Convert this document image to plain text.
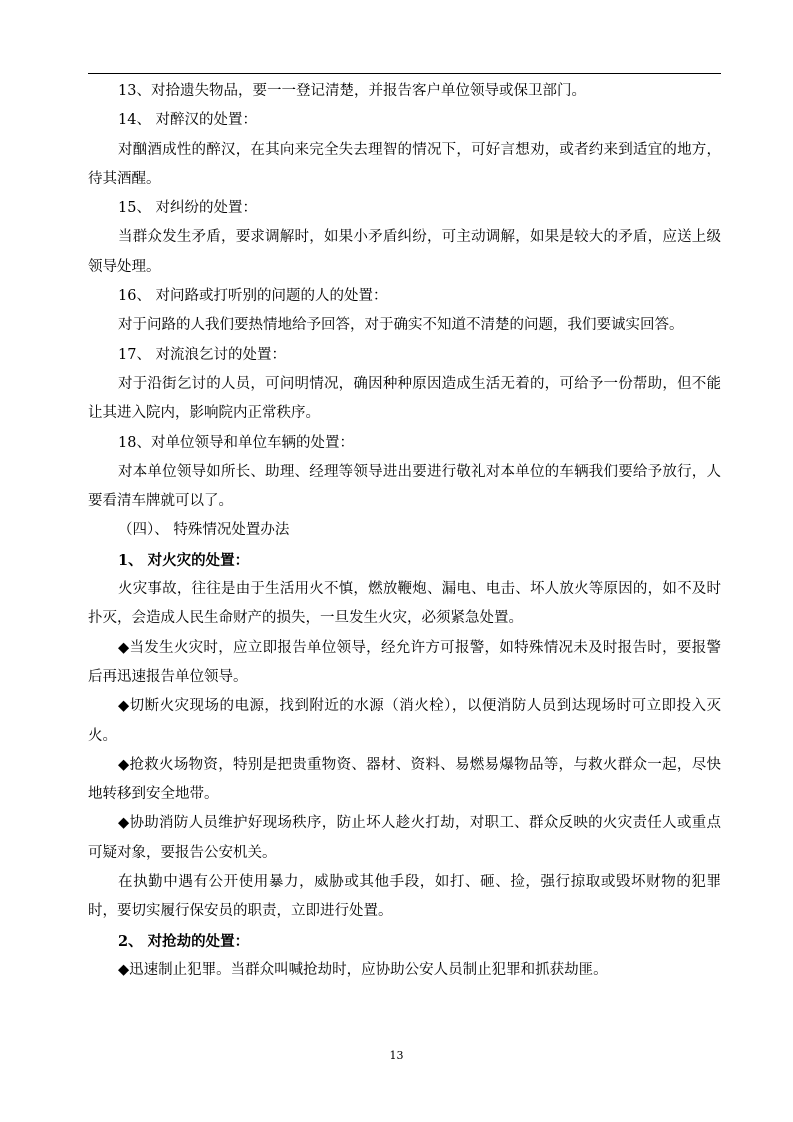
13、对拾遗失物品，要一一登记清楚，并报告客户单位领导或保卫部门。

14、 对醉汉的处置：

对酗酒成性的醉汉，在其向来完全失去理智的情况下，可好言想劝，或者约来到适宜的地方，待其酒醒。

15、 对纠纷的处置：

当群众发生矛盾，要求调解时，如果小矛盾纠纷，可主动调解，如果是较大的矛盾，应送上级领导处理。

16、 对问路或打听别的问题的人的处置：

对于问路的人我们要热情地给予回答，对于确实不知道不清楚的问题，我们要诚实回答。

17、 对流浪乞讨的处置：

对于沿街乞讨的人员，可问明情况，确因种种原因造成生活无着的，可给予一份帮助，但不能让其进入院内，影响院内正常秩序。

18、对单位领导和单位车辆的处置：

对本单位领导如所长、助理、经理等领导进出要进行敬礼对本单位的车辆我们要给予放行，人要看清车牌就可以了。

（四）、 特殊情况处置办法

1、 对火灾的处置：

火灾事故，往往是由于生活用火不慎，燃放鞭炮、漏电、电击、坏人放火等原因的，如不及时扑灭，会造成人民生命财产的损失，一旦发生火灾，必须紧急处置。

◆当发生火灾时，应立即报告单位领导，经允许方可报警，如特殊情况未及时报告时，要报警后再迅速报告单位领导。

◆切断火灾现场的电源，找到附近的水源（消火栓），以便消防人员到达现场时可立即投入灭火。

◆抢救火场物资，特别是把贵重物资、器材、资料、易燃易爆物品等，与救火群众一起，尽快地转移到安全地带。

◆协助消防人员维护好现场秩序，防止坏人趁火打劫，对职工、群众反映的火灾责任人或重点可疑对象，要报告公安机关。

在执勤中遇有公开使用暴力，威胁或其他手段，如打、砸、捡，强行掠取或毁坏财物的犯罪时，要切实履行保安员的职责，立即进行处置。

2、 对抢劫的处置：

◆迅速制止犯罪。当群众叫喊抢劫时，应协助公安人员制止犯罪和抓获劫匪。

13
